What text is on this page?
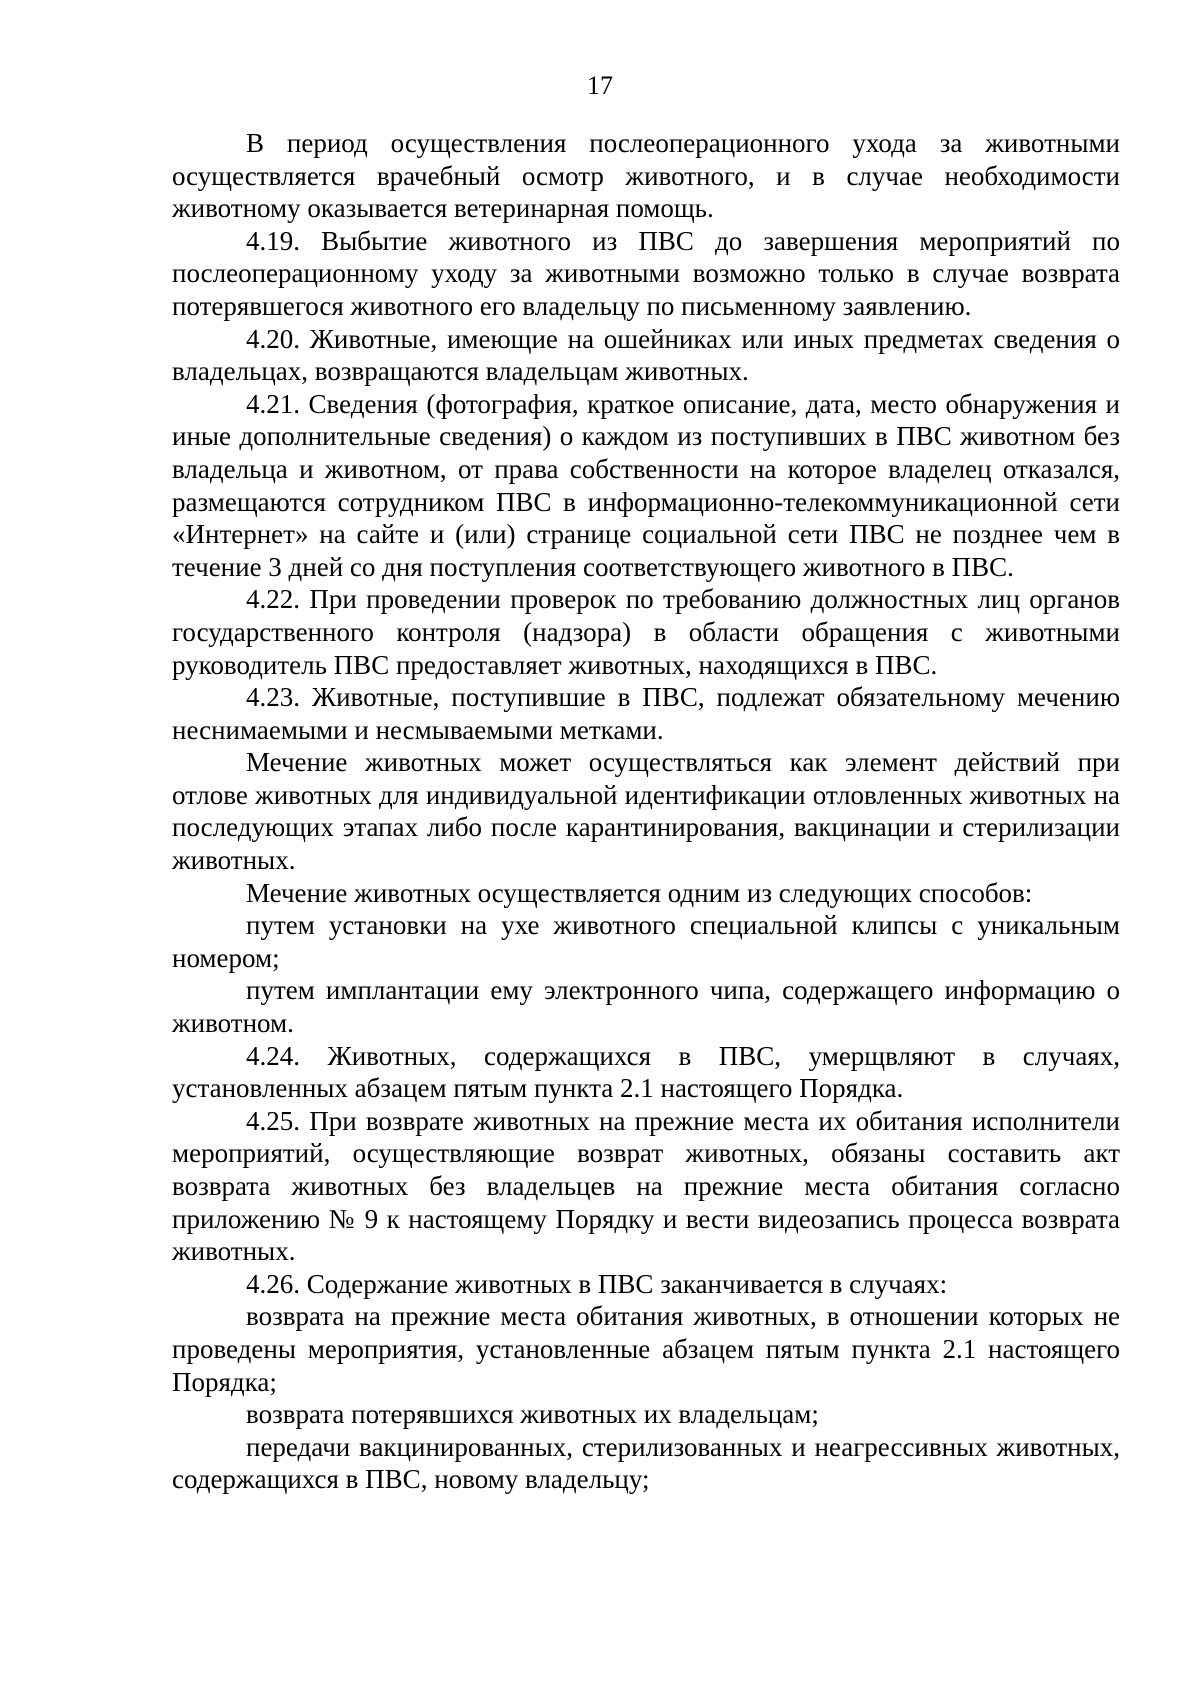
17

В период осуществления послеоперационного ухода за животными осуществляется врачебный осмотр животного, и в случае необходимости животному оказывается ветеринарная помощь.

4.19. Выбытие животного из ПВС до завершения мероприятий по послеоперационному уходу за животными возможно только в случае возврата потерявшегося животного его владельцу по письменному заявлению.

4.20. Животные, имеющие на ошейниках или иных предметах сведения о владельцах, возвращаются владельцам животных.

4.21. Сведения (фотография, краткое описание, дата, место обнаружения и иные дополнительные сведения) о каждом из поступивших в ПВС животном без владельца и животном, от права собственности на которое владелец отказался, размещаются сотрудником ПВС в информационно-телекоммуникационной сети «Интернет» на сайте и (или) странице социальной сети ПВС не позднее чем в течение 3 дней со дня поступления соответствующего животного в ПВС.

4.22. При проведении проверок по требованию должностных лиц органов государственного контроля (надзора) в области обращения с животными руководитель ПВС предоставляет животных, находящихся в ПВС.

4.23. Животные, поступившие в ПВС, подлежат обязательному мечению неснимаемыми и несмываемыми метками.

Мечение животных может осуществляться как элемент действий при отлове животных для индивидуальной идентификации отловленных животных на последующих этапах либо после карантинирования, вакцинации и стерилизации животных.

Мечение животных осуществляется одним из следующих способов:

путем установки на ухе животного специальной клипсы с уникальным номером;

путем имплантации ему электронного чипа, содержащего информацию о животном.

4.24. Животных, содержащихся в ПВС, умерщвляют в случаях, установленных абзацем пятым пункта 2.1 настоящего Порядка.

4.25. При возврате животных на прежние места их обитания исполнители мероприятий, осуществляющие возврат животных, обязаны составить акт возврата животных без владельцев на прежние места обитания согласно приложению № 9 к настоящему Порядку и вести видеозапись процесса возврата животных.

4.26. Содержание животных в ПВС заканчивается в случаях:

возврата на прежние места обитания животных, в отношении которых не проведены мероприятия, установленные абзацем пятым пункта 2.1 настоящего Порядка;

возврата потерявшихся животных их владельцам;

передачи вакцинированных, стерилизованных и неагрессивных животных, содержащихся в ПВС, новому владельцу;
